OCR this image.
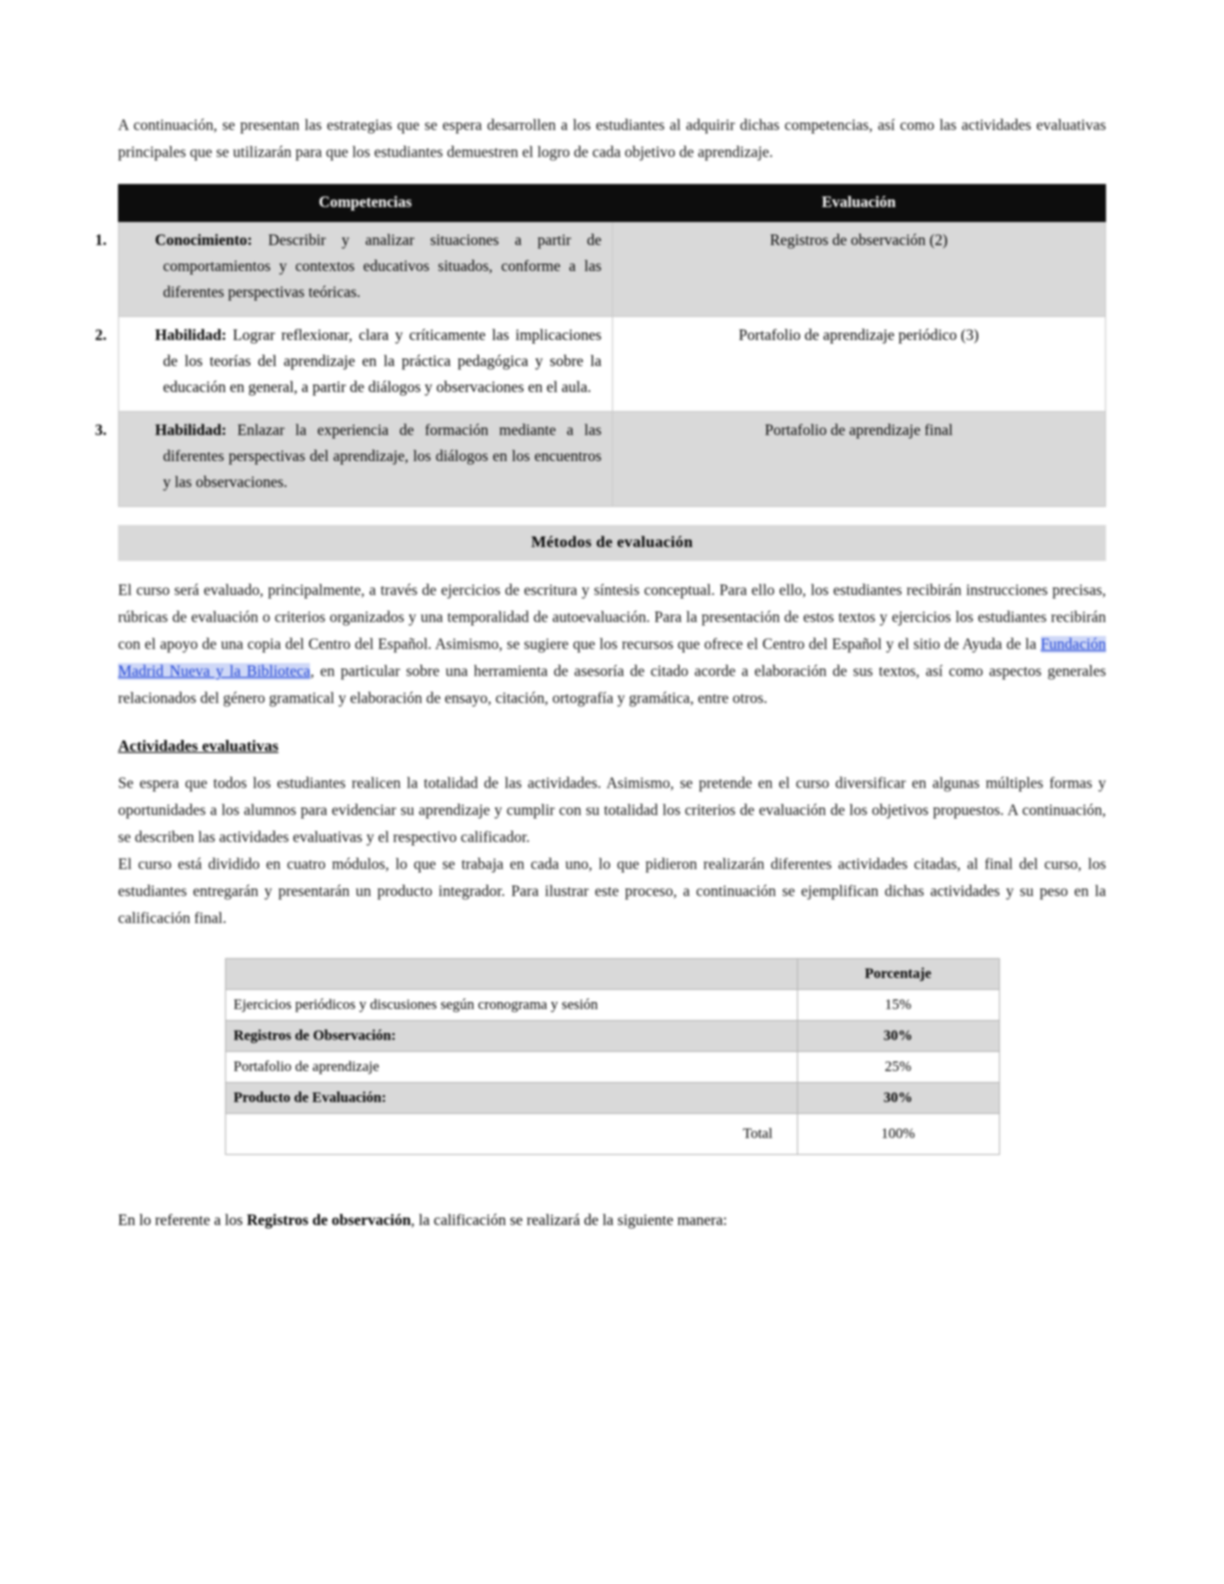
A continuación, se presentan las estrategias que se espera desarrollen a los estudiantes al adquirir dichas competencias, así como las actividades evaluativas principales que se utilizarán para que los estudiantes demuestren el logro de cada objetivo de aprendizaje.

Competencias	Evaluación

1. Conocimiento: Describir y analizar situaciones a partir de comportamientos y contextos educativos situados, conforme a las diferentes perspectivas teóricas.	Registros de observación (2)

2. Habilidad: Lograr reflexionar, clara y críticamente las implicaciones de los teorías del aprendizaje en la práctica pedagógica y sobre la educación en general, a partir de diálogos y observaciones en el aula.	Portafolio de aprendizaje periódico (3)

3. Habilidad: Enlazar la experiencia de formación mediante a las diferentes perspectivas del aprendizaje, los diálogos en los encuentros y las observaciones.	Portafolio de aprendizaje final
Métodos de evaluación

El curso será evaluado, principalmente, a través de ejercicios de escritura y síntesis conceptual. Para ello ello, los estudiantes recibirán instrucciones precisas, rúbricas de evaluación o criterios organizados y una temporalidad de autoevaluación. Para la presentación de estos textos y ejercicios los estudiantes recibirán con el apoyo de una copia del Centro del Español. Asimismo, se sugiere que los recursos que ofrece el Centro del Español y el sitio de Ayuda de la Fundación Madrid Nueva y la Biblioteca, en particular sobre una herramienta de asesoría de citado acorde a elaboración de sus textos, así como aspectos generales relacionados del género gramatical y elaboración de ensayo, citación, ortografía y gramática, entre otros.

Actividades evaluativas

Se espera que todos los estudiantes realicen la totalidad de las actividades. Asimismo, se pretende en el curso diversificar en algunas múltiples formas y oportunidades a los alumnos para evidenciar su aprendizaje y cumplir con su totalidad los criterios de evaluación de los objetivos propuestos. A continuación, se describen las actividades evaluativas y el respectivo calificador.

El curso está dividido en cuatro módulos, lo que se trabaja en cada uno, lo que pidieron realizarán diferentes actividades citadas, al final del curso, los estudiantes entregarán y presentarán un producto integrador. Para ilustrar este proceso, a continuación se ejemplifican dichas actividades y su peso en la calificación final.

	Porcentaje
Ejercicios periódicos y discusiones según cronograma y sesión	15%
Registros de Observación:	30%
Portafolio de aprendizaje	25%
Producto de Evaluación:	30%

Total	100%

En lo referente a los Registros de observación, la calificación se realizará de la siguiente manera:
